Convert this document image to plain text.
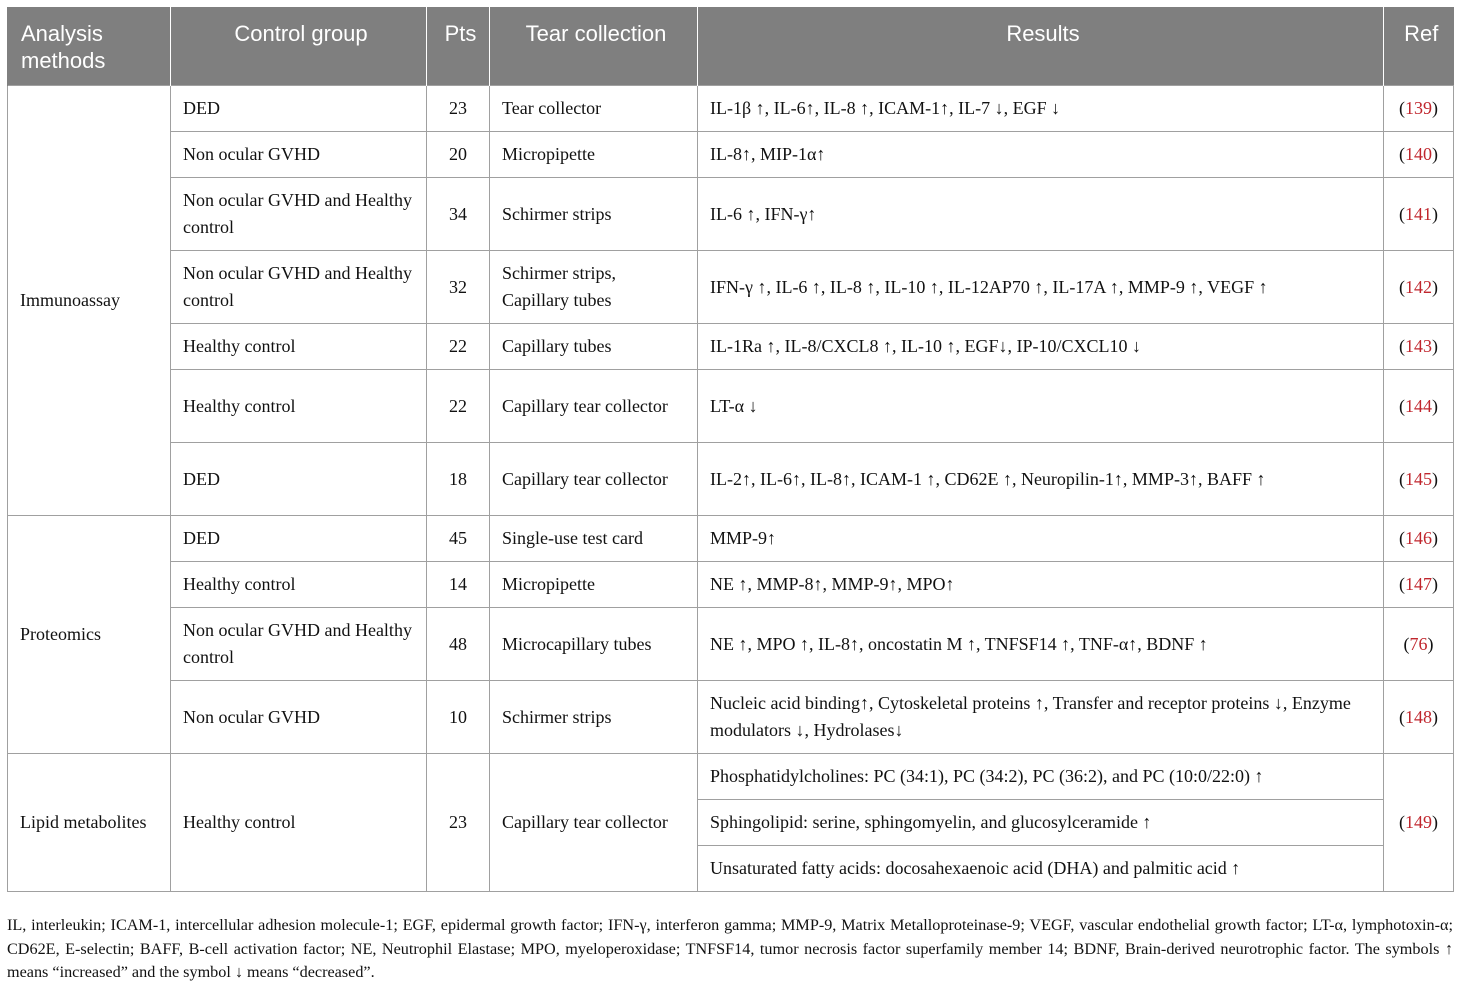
Analysis methods	Control group	Pts	Tear collection	Results	Ref
Immunoassay	DED	23	Tear collector	IL-1β ↑, IL-6↑, IL-8 ↑, ICAM-1↑, IL-7 ↓, EGF ↓	(139)
	Non ocular GVHD	20	Micropipette	IL-8↑, MIP-1α↑	(140)
	Non ocular GVHD and Healthy control	34	Schirmer strips	IL-6 ↑, IFN-γ↑	(141)
	Non ocular GVHD and Healthy control	32	Schirmer strips, Capillary tubes	IFN-γ ↑, IL-6 ↑, IL-8 ↑, IL-10 ↑, IL-12AP70 ↑, IL-17A ↑, MMP-9 ↑, VEGF ↑	(142)
	Healthy control	22	Capillary tubes	IL-1Ra ↑, IL-8/CXCL8 ↑, IL-10 ↑, EGF↓, IP-10/CXCL10 ↓	(143)
	Healthy control	22	Capillary tear collector	LT-α ↓	(144)
	DED	18	Capillary tear collector	IL-2↑, IL-6↑, IL-8↑, ICAM-1 ↑, CD62E ↑, Neuropilin-1↑, MMP-3↑, BAFF ↑	(145)
Proteomics	DED	45	Single-use test card	MMP-9↑	(146)
	Healthy control	14	Micropipette	NE ↑, MMP-8↑, MMP-9↑, MPO↑	(147)
	Non ocular GVHD and Healthy control	48	Microcapillary tubes	NE ↑, MPO ↑, IL-8↑, oncostatin M ↑, TNFSF14 ↑, TNF-α↑, BDNF ↑	(76)
	Non ocular GVHD	10	Schirmer strips	Nucleic acid binding↑, Cytoskeletal proteins ↑, Transfer and receptor proteins ↓, Enzyme modulators ↓, Hydrolases↓	(148)
Lipid metabolites	Healthy control	23	Capillary tear collector	Phosphatidylcholines: PC (34:1), PC (34:2), PC (36:2), and PC (10:0/22:0) ↑	(149)
				Sphingolipid: serine, sphingomyelin, and glucosylceramide ↑	
				Unsaturated fatty acids: docosahexaenoic acid (DHA) and palmitic acid ↑	
IL, interleukin; ICAM-1, intercellular adhesion molecule-1; EGF, epidermal growth factor; IFN-γ, interferon gamma; MMP-9, Matrix Metalloproteinase-9; VEGF, vascular endothelial growth factor; LT-α, lymphotoxin-α; CD62E, E-selectin; BAFF, B-cell activation factor; NE, Neutrophil Elastase; MPO, myeloperoxidase; TNFSF14, tumor necrosis factor superfamily member 14; BDNF, Brain-derived neurotrophic factor. The symbols ↑ means “increased” and the symbol ↓ means “decreased”.
